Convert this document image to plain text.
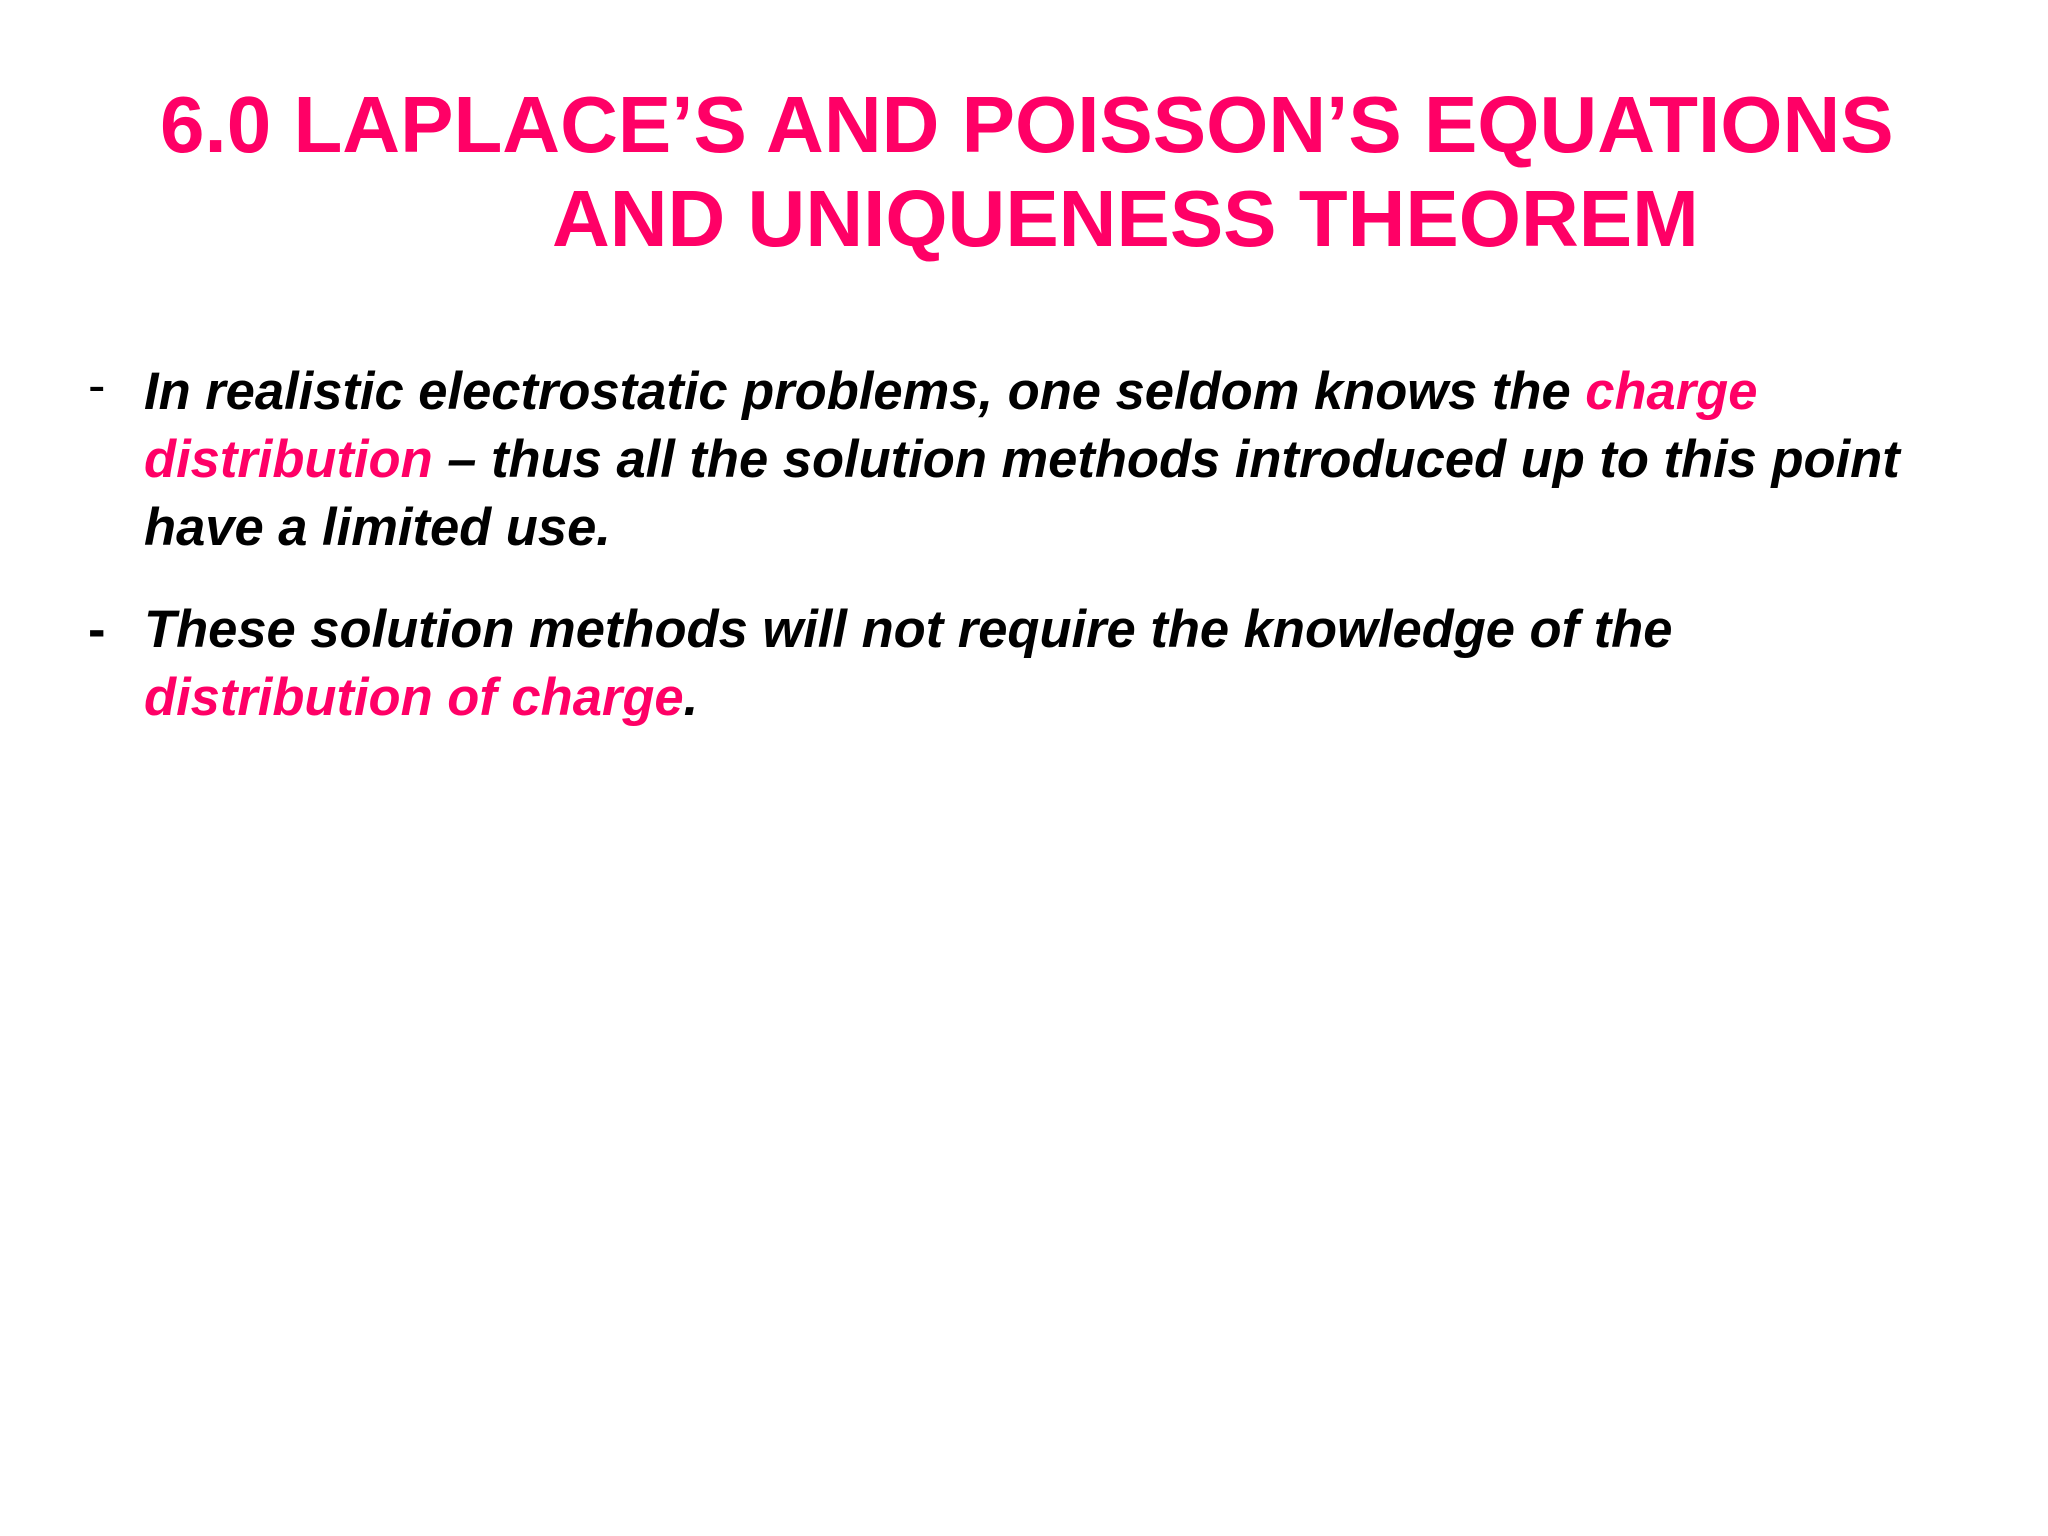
6.0 LAPLACE’S AND POISSON’S EQUATIONS
AND UNIQUENESS THEOREM
- In realistic electrostatic problems, one seldom knows the charge distribution – thus all the solution methods introduced up to this point have a limited use.
- These solution methods will not require the knowledge of the distribution of charge.
